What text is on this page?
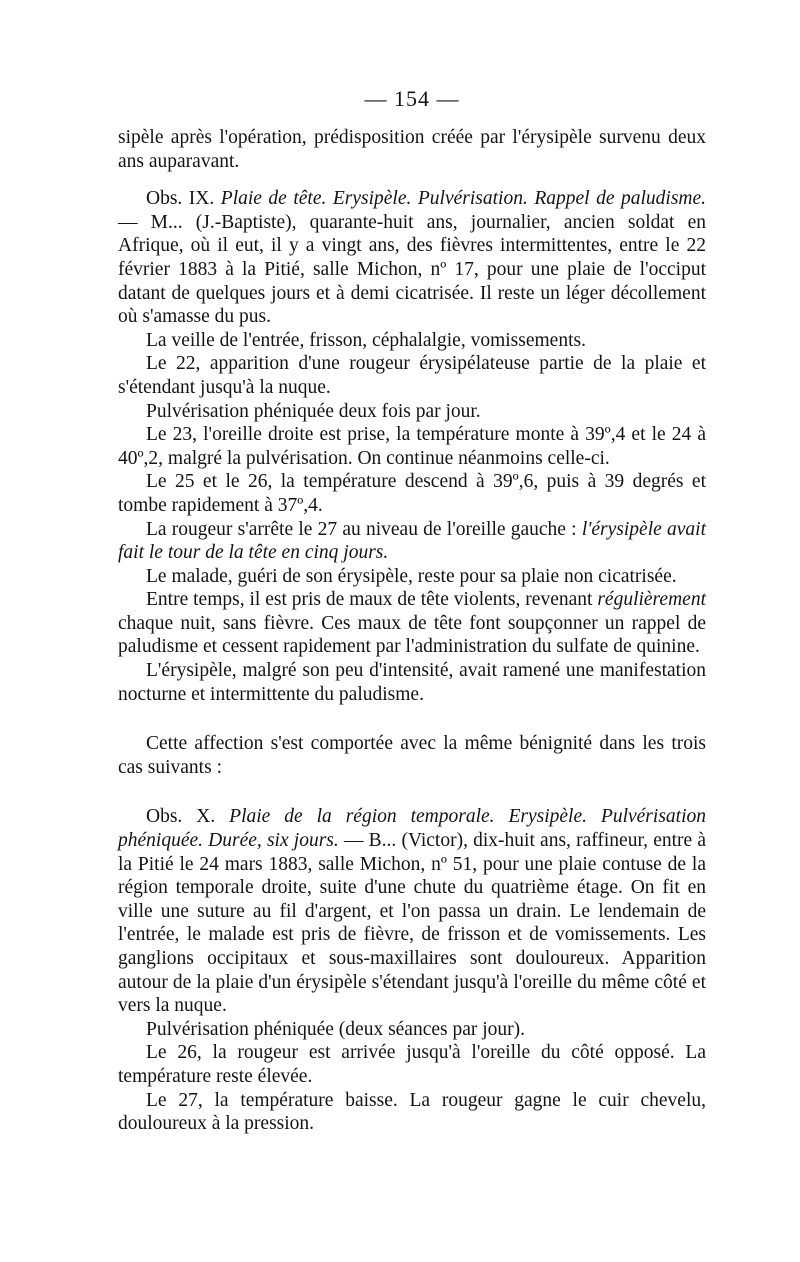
— 154 —

sipèle après l'opération, prédisposition créée par l'érysipèle survenu deux ans auparavant.

Obs. IX. Plaie de tête. Erysipèle. Pulvérisation. Rappel de paludisme. — M... (J.-Baptiste), quarante-huit ans, journalier, ancien soldat en Afrique, où il eut, il y a vingt ans, des fièvres intermittentes, entre le 22 février 1883 à la Pitié, salle Michon, nº 17, pour une plaie de l'occiput datant de quelques jours et à demi cicatrisée. Il reste un léger décollement où s'amasse du pus.

La veille de l'entrée, frisson, céphalalgie, vomissements.

Le 22, apparition d'une rougeur érysipélateuse partie de la plaie et s'étendant jusqu'à la nuque.

Pulvérisation phéniquée deux fois par jour.

Le 23, l'oreille droite est prise, la température monte à 39º,4 et le 24 à 40º,2, malgré la pulvérisation. On continue néanmoins celle-ci.

Le 25 et le 26, la température descend à 39º,6, puis à 39 degrés et tombe rapidement à 37º,4.

La rougeur s'arrête le 27 au niveau de l'oreille gauche : l'érysipèle avait fait le tour de la tête en cinq jours.

Le malade, guéri de son érysipèle, reste pour sa plaie non cicatrisée.

Entre temps, il est pris de maux de tête violents, revenant régulièrement chaque nuit, sans fièvre. Ces maux de tête font soupçonner un rappel de paludisme et cessent rapidement par l'administration du sulfate de quinine.

L'érysipèle, malgré son peu d'intensité, avait ramené une manifestation nocturne et intermittente du paludisme.

Cette affection s'est comportée avec la même bénignité dans les trois cas suivants :

Obs. X. Plaie de la région temporale. Erysipèle. Pulvérisation phéniquée. Durée, six jours. — B... (Victor), dix-huit ans, raffineur, entre à la Pitié le 24 mars 1883, salle Michon, nº 51, pour une plaie contuse de la région temporale droite, suite d'une chute du quatrième étage. On fit en ville une suture au fil d'argent, et l'on passa un drain. Le lendemain de l'entrée, le malade est pris de fièvre, de frisson et de vomissements. Les ganglions occipitaux et sous-maxillaires sont douloureux. Apparition autour de la plaie d'un érysipèle s'étendant jusqu'à l'oreille du même côté et vers la nuque.

Pulvérisation phéniquée (deux séances par jour).

Le 26, la rougeur est arrivée jusqu'à l'oreille du côté opposé. La température reste élevée.

Le 27, la température baisse. La rougeur gagne le cuir chevelu, douloureux à la pression.
